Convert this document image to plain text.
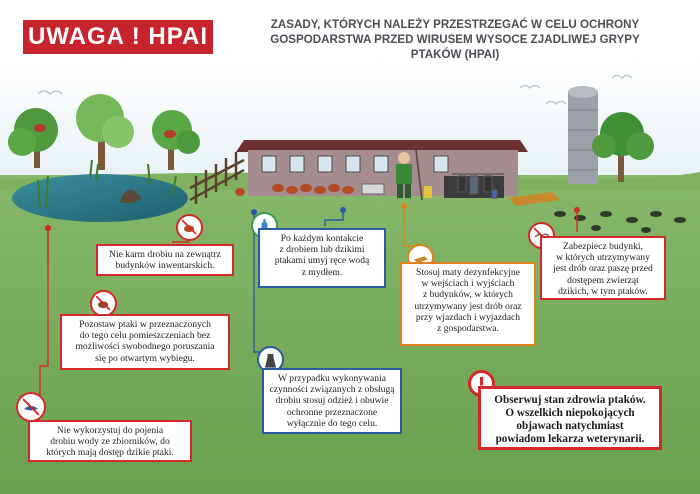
UWAGA ! HPAI	ZASADY, KTÓRYCH NALEŻY PRZESTRZEGAĆ W CELU OCHRONY
GOSPODARSTWA PRZED WIRUSEM WYSOCE ZJADLIWEJ GRYPY
PTAKÓW (HPAI)
Nie karm drobiu na zewnątrz
budynków inwentarskich.
Po każdym kontakcie
z drobiem lub dzikimi
ptakami umyj ręce wodą
z mydłem.	Stosuj maty dezynfekcyjne
w wejściach i wyjściach
z budynków, w których
utrzymywany jest drób oraz
przy wjazdach i wyjazdach
z gospodarstwa.
Zabezpiecz budynki,
w których utrzymywany
jest drób oraz paszę przed
dostępem zwierząt
dzikich, w tym ptaków.
Pozostaw ptaki w przeznaczonych
do tego celu pomieszczeniach bez
możliwości swobodnego poruszania
się po otwartym wybiegu.
W przypadku wykonywania
czynności związanych z obsługą
drobiu stosuj odzież i obuwie
ochronne przeznaczone
wyłącznie do tego celu.
Nie wykorzystuj do pojenia
drobiu wody ze zbiorników, do
których mają dostęp dzikie ptaki.
Obserwuj stan zdrowia ptaków.
O wszelkich niepokojących
objawach natychmiast
powiadom lekarza weterynarii.
